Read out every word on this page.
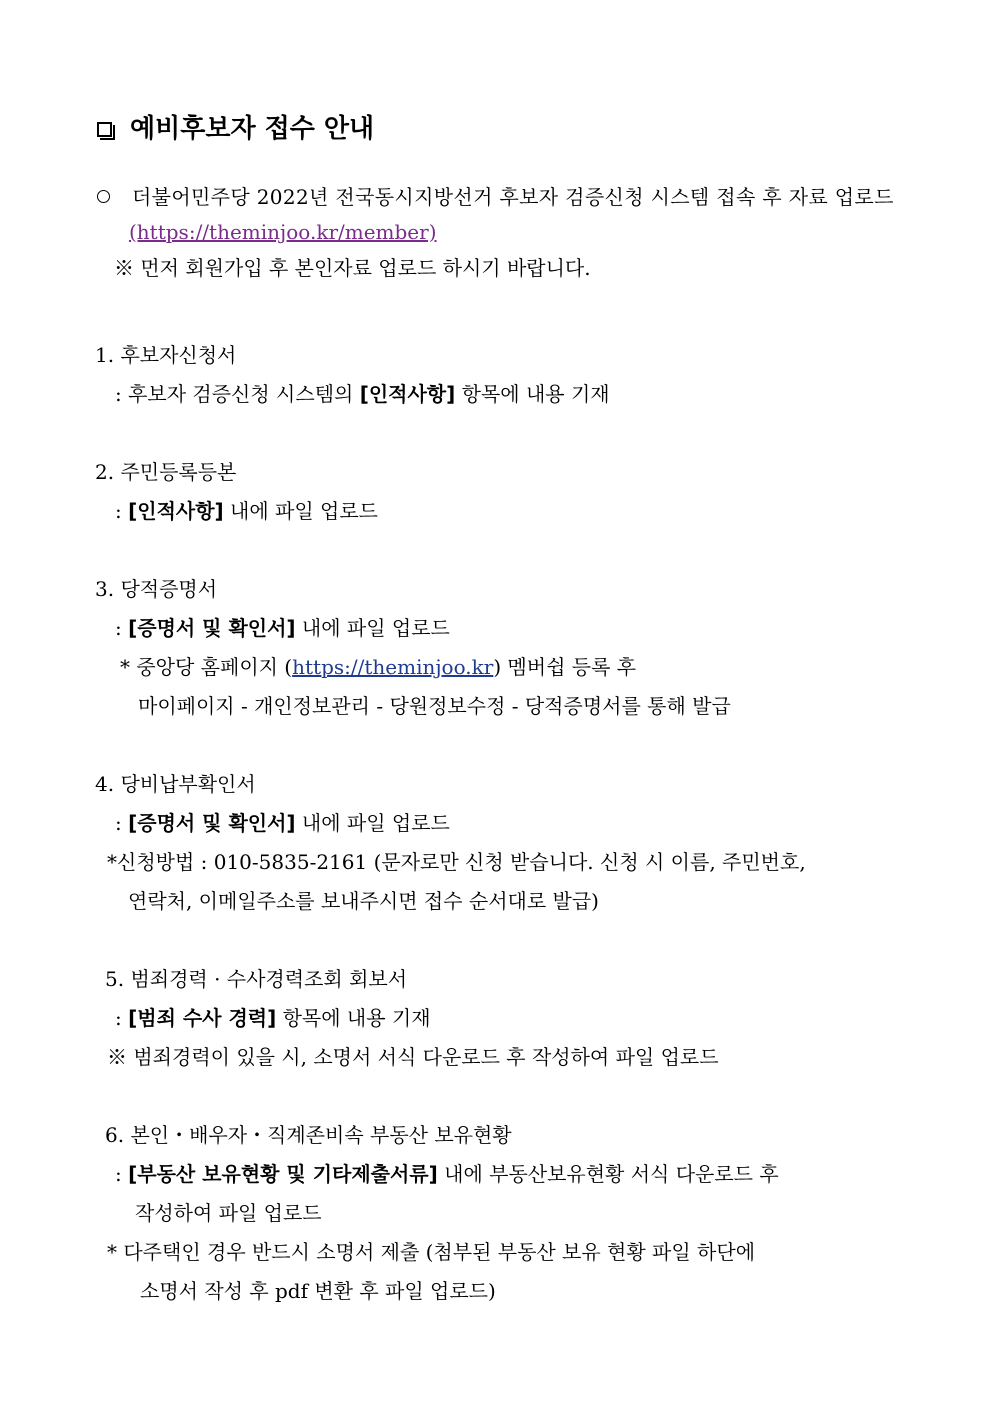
예비후보자 접수 안내
더불어민주당 2022년 전국동시지방선거 후보자 검증신청 시스템 접속 후 자료 업로드
(https://theminjoo.kr/member)
※ 먼저 회원가입 후 본인자료 업로드 하시기 바랍니다.
1. 후보자신청서
: 후보자 검증신청 시스템의 [인적사항] 항목에 내용 기재
2. 주민등록등본
: [인적사항] 내에 파일 업로드
3. 당적증명서
: [증명서 및 확인서] 내에 파일 업로드
* 중앙당 홈페이지 (https://theminjoo.kr) 멤버쉽 등록 후
마이페이지 - 개인정보관리 - 당원정보수정 - 당적증명서를 통해 발급
4. 당비납부확인서
: [증명서 및 확인서] 내에 파일 업로드
*신청방법 : 010-5835-2161 (문자로만 신청 받습니다. 신청 시 이름, 주민번호,
연락처, 이메일주소를 보내주시면 접수 순서대로 발급)
5. 범죄경력 · 수사경력조회 회보서
: [범죄 수사 경력] 항목에 내용 기재
※ 범죄경력이 있을 시, 소명서 서식 다운로드 후 작성하여 파일 업로드
6. 본인・배우자・직계존비속 부동산 보유현황
: [부동산 보유현황 및 기타제출서류] 내에 부동산보유현황 서식 다운로드 후
작성하여 파일 업로드
* 다주택인 경우 반드시 소명서 제출 (첨부된 부동산 보유 현황 파일 하단에
소명서 작성 후 pdf 변환 후 파일 업로드)
